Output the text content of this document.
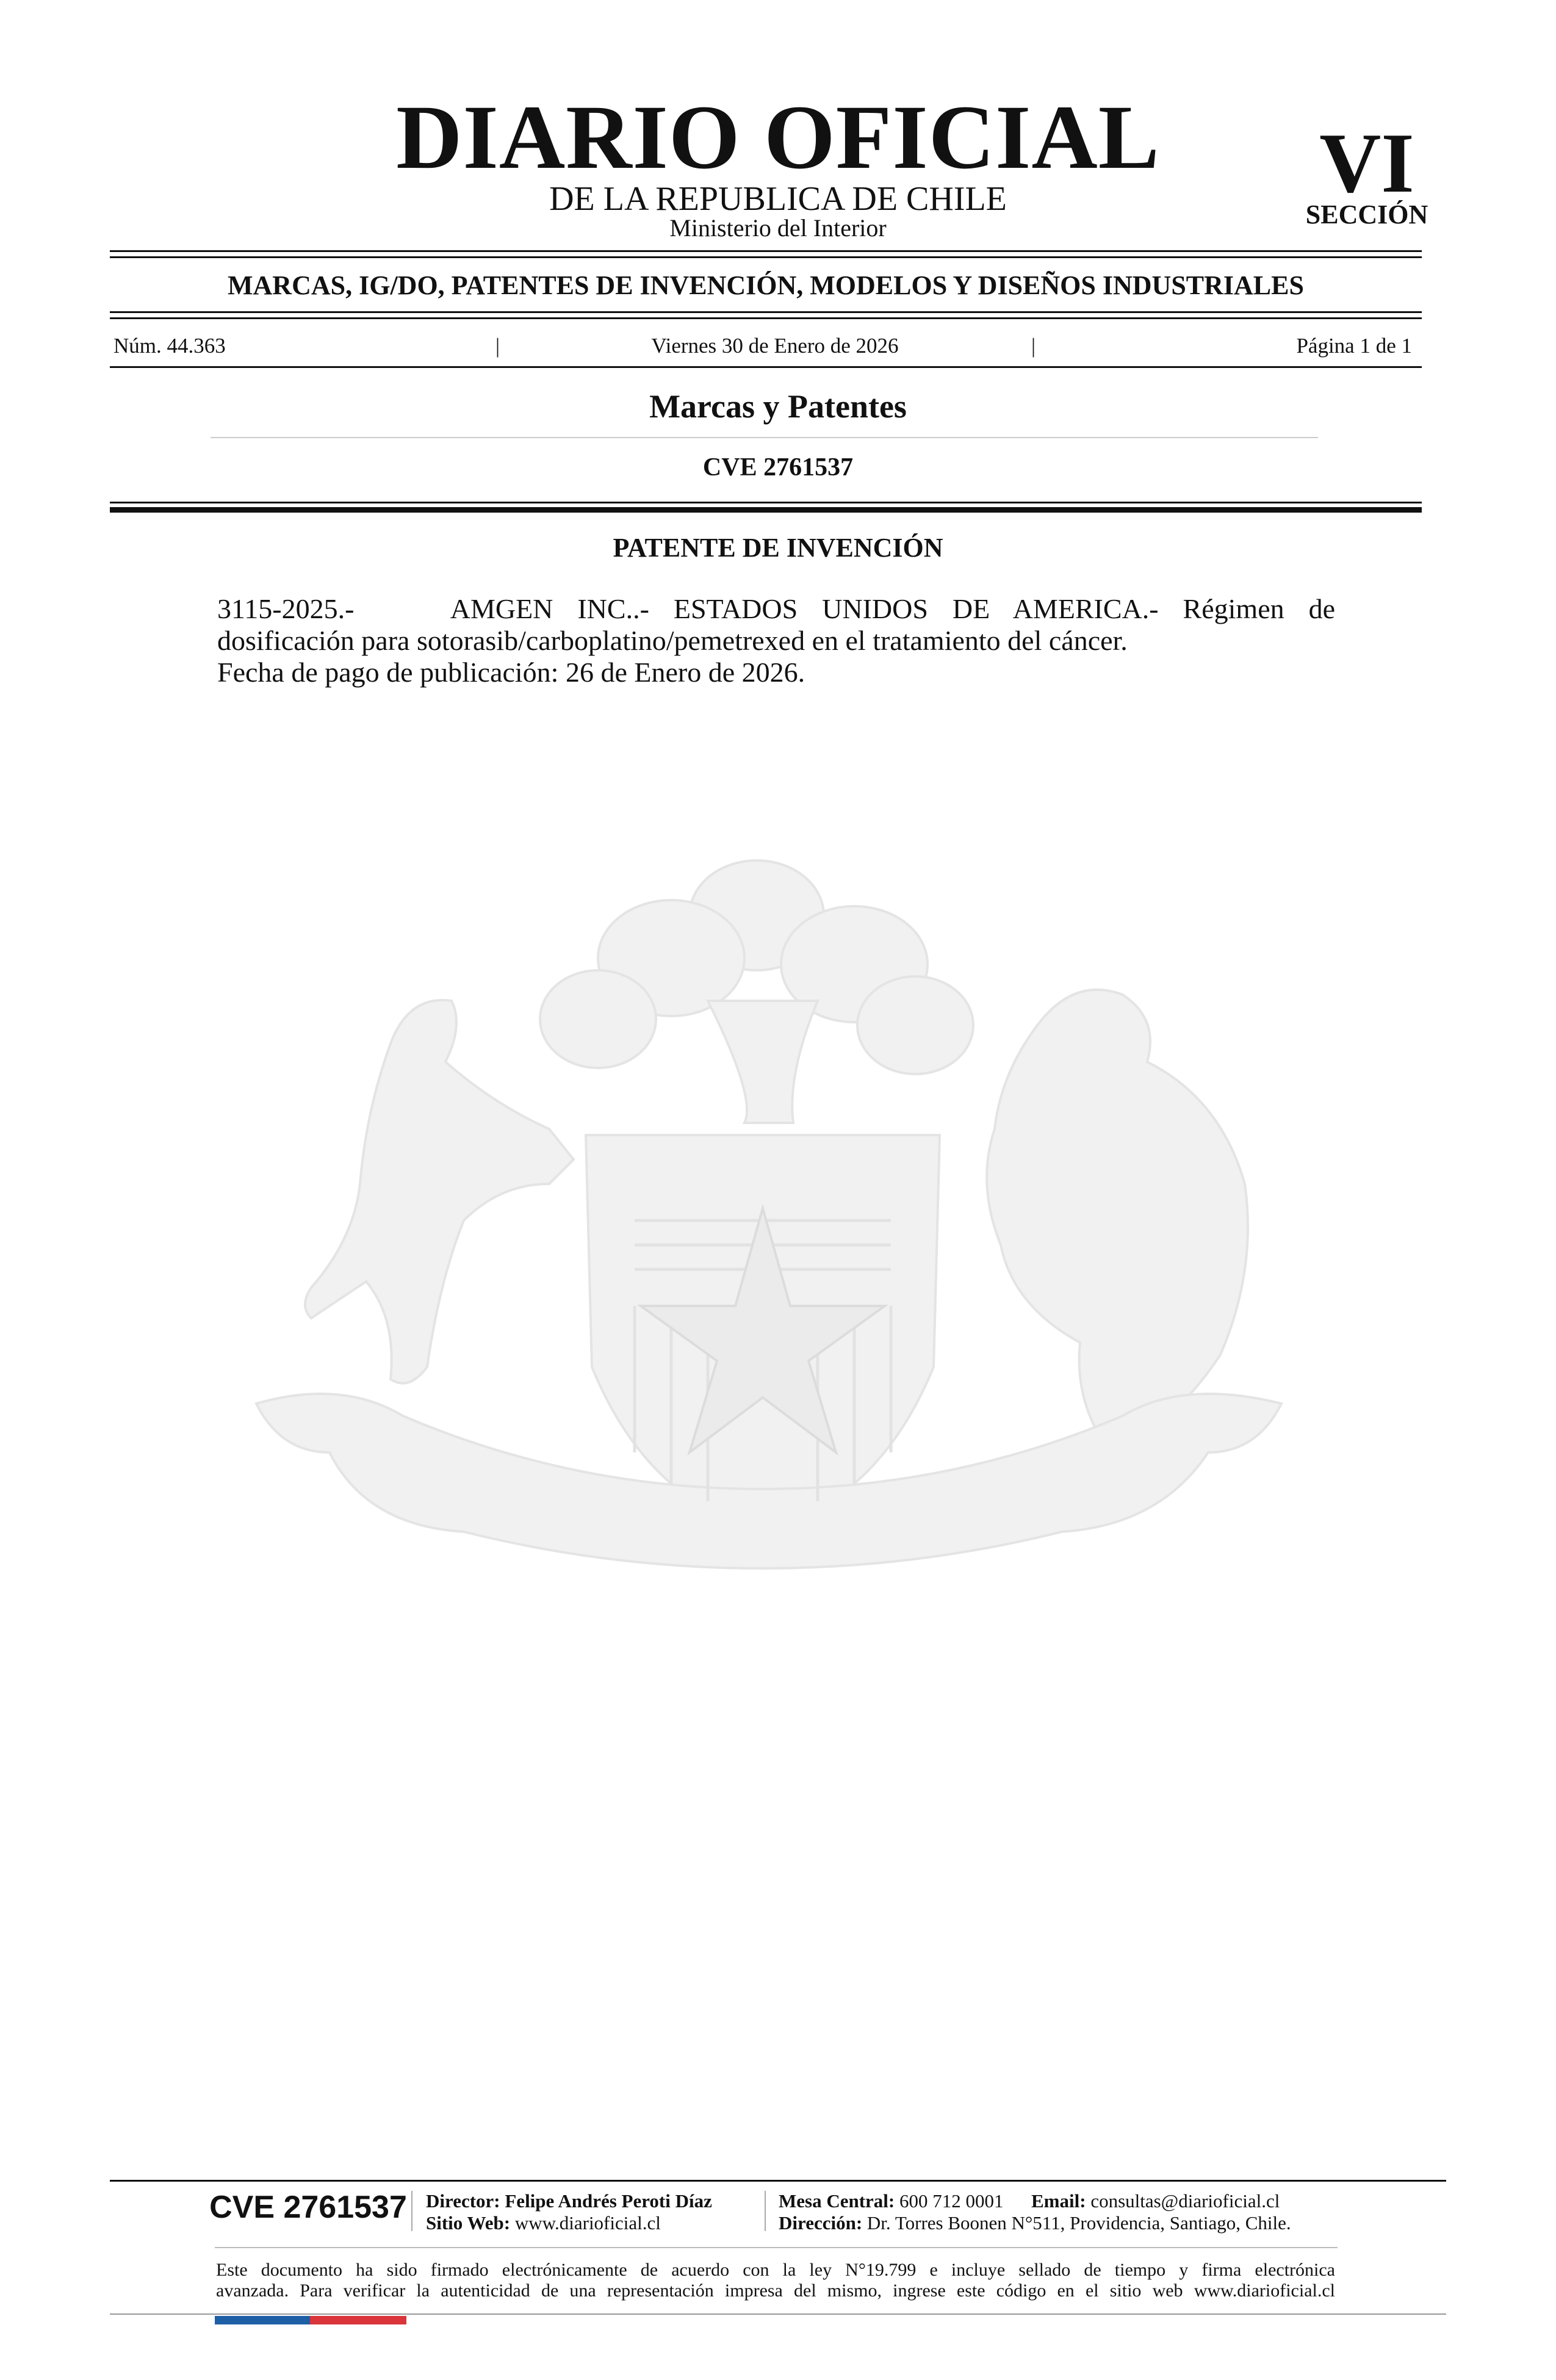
DIARIO OFICIAL
DE LA REPUBLICA DE CHILE
Ministerio del Interior
VI
SECCIÓN
MARCAS, IG/DO, PATENTES DE INVENCIÓN, MODELOS Y DISEÑOS INDUSTRIALES
Núm. 44.363	|	Viernes 30 de Enero de 2026	|	Página 1 de 1
Marcas y Patentes
CVE 2761537
PATENTE DE INVENCIÓN
3115-2025.-    AMGEN INC..- ESTADOS UNIDOS DE AMERICA.- Régimen de
dosificación para sotorasib/carboplatino/pemetrexed en el tratamiento del cáncer.
Fecha de pago de publicación: 26 de Enero de 2026.
CVE 2761537 Director: Felipe Andrés Peroti Díaz
Sitio Web: www.diarioficial.cl
Mesa Central: 600 712 0001 Email: consultas@diarioficial.cl
Dirección: Dr. Torres Boonen N°511, Providencia, Santiago, Chile.
Este documento ha sido firmado electrónicamente de acuerdo con la ley N°19.799 e incluye sellado de tiempo y firma electrónica
avanzada. Para verificar la autenticidad de una representación impresa del mismo, ingrese este código en el sitio web www.diarioficial.cl
